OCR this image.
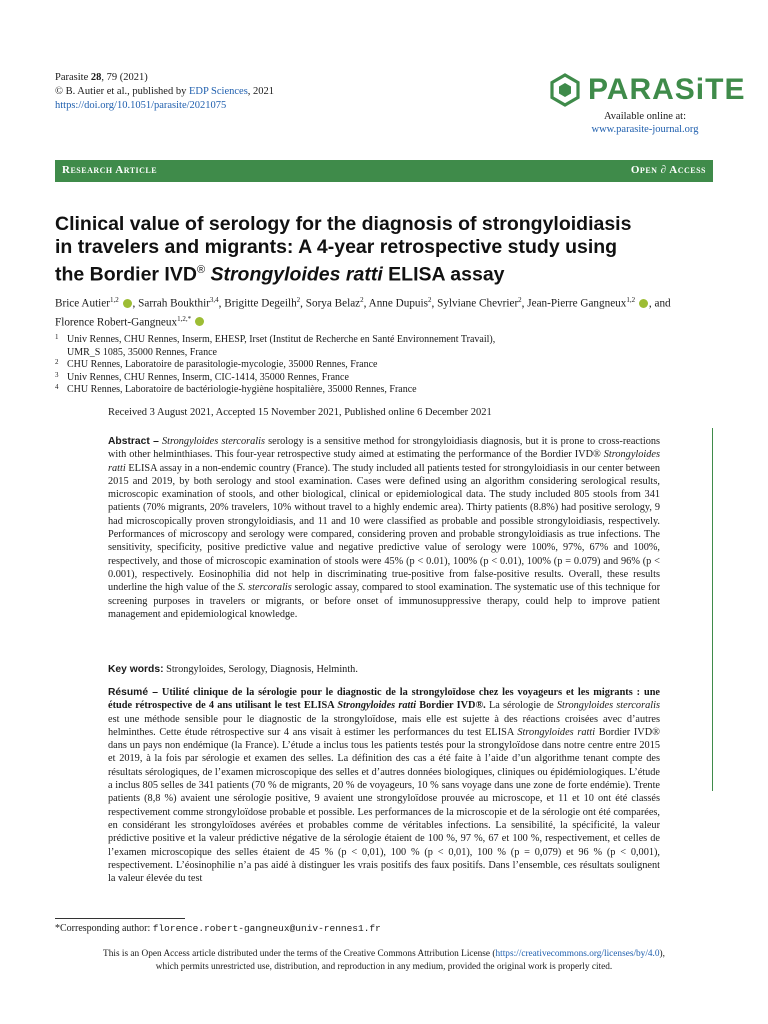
Parasite 28, 79 (2021)
© B. Autier et al., published by EDP Sciences, 2021
https://doi.org/10.1051/parasite/2021075	PARASiTE
Available online at:
www.parasite-journal.org
Research Article	Open ∂ Access
Clinical value of serology for the diagnosis of strongyloidiasis
in travelers and migrants: A 4-year retrospective study using
the Bordier IVD® Strongyloides ratti ELISA assay
Brice Autier$^{1,2}$ , Sarrah Boukthir$^{3,4}$, Brigitte Degeilh$^2$, Sorya Belaz$^2$, Anne Dupuis$^2$, Sylviane Chevrier$^2$, Jean-Pierre Gangneux$^{1,2}$ , and Florence Robert-Gangneux$^{1,2,*}$
1 Univ Rennes, CHU Rennes, Inserm, EHESP, Irset (Institut de Recherche en Santé Environnement Travail),
UMR_S 1085, 35000 Rennes, France
2 CHU Rennes, Laboratoire de parasitologie-mycologie, 35000 Rennes, France
3 Univ Rennes, CHU Rennes, Inserm, CIC-1414, 35000 Rennes, France
4 CHU Rennes, Laboratoire de bactériologie-hygiène hospitalière, 35000 Rennes, France
Received 3 August 2021, Accepted 15 November 2021, Published online 6 December 2021
Abstract – Strongyloides stercoralis serology is a sensitive method for strongyloidiasis diagnosis, but it is prone to cross-reactions with other helminthiases. This four-year retrospective study aimed at estimating the performance of the Bordier IVD® Strongyloides ratti ELISA assay in a non-endemic country (France). The study included all patients tested for strongyloidiasis in our center between 2015 and 2019, by both serology and stool examination. Cases were defined using an algorithm considering serological results, microscopic examination of stools, and other biological, clinical or epidemiological data. The study included 805 stools from 341 patients (70% migrants, 20% travelers, 10% without travel to a highly endemic area). Thirty patients (8.8%) had positive serology, 9 had microscopically proven strongyloidiasis, and 11 and 10 were classified as probable and possible strongyloidiasis, respectively. Performances of microscopy and serology were compared, considering proven and probable strongyloidiasis as true infections. The sensitivity, specificity, positive predictive value and negative predictive value of serology were 100%, 97%, 67% and 100%, respectively, and those of microscopic examination of stools were 45% (p < 0.01), 100% (p < 0.01), 100% (p = 0.079) and 96% (p < 0.001), respectively. Eosinophilia did not help in discriminating true-positive from false-positive results. Overall, these results underline the high value of the S. stercoralis serologic assay, compared to stool examination. The systematic use of this technique for screening purposes in travelers or migrants, or before onset of immunosuppressive therapy, could help to improve patient management and epidemiological knowledge.
Key words: Strongyloides, Serology, Diagnosis, Helminth.
Résumé – Utilité clinique de la sérologie pour le diagnostic de la strongyloïdose chez les voyageurs et les migrants : une étude rétrospective de 4 ans utilisant le test ELISA Strongyloides ratti Bordier IVD®. La sérologie de Strongyloides stercoralis est une méthode sensible pour le diagnostic de la strongyloïdose, mais elle est sujette à des réactions croisées avec d’autres helminthes. Cette étude rétrospective sur 4 ans visait à estimer les performances du test ELISA Strongyloides ratti Bordier IVD® dans un pays non endémique (la France). L’étude a inclus tous les patients testés pour la strongyloïdose dans notre centre entre 2015 et 2019, à la fois par sérologie et examen des selles. La définition des cas a été faite à l’aide d’un algorithme tenant compte des résultats sérologiques, de l’examen microscopique des selles et d’autres données biologiques, cliniques ou épidémiologiques. L’étude a inclus 805 selles de 341 patients (70 % de migrants, 20 % de voyageurs, 10 % sans voyage dans une zone de forte endémie). Trente patients (8,8 %) avaient une sérologie positive, 9 avaient une strongyloïdose prouvée au microscope, et 11 et 10 ont été classés respectivement comme strongyloïdose probable et possible. Les performances de la microscopie et de la sérologie ont été comparées, en considérant les strongyloïdoses avérées et probables comme de véritables infections. La sensibilité, la spécificité, la valeur prédictive positive et la valeur prédictive négative de la sérologie étaient de 100 %, 97 %, 67 et 100 %, respectivement, et celles de l’examen microscopique des selles étaient de 45 % (p < 0,01), 100 % (p < 0,01), 100 % (p = 0,079) et 96 % (p < 0,001), respectivement. L’éosinophilie n’a pas aidé à distinguer les vrais positifs des faux positifs. Dans l’ensemble, ces résultats soulignent la valeur élevée du test
*Corresponding author: florence.robert-gangneux@univ-rennes1.fr
This is an Open Access article distributed under the terms of the Creative Commons Attribution License (https://creativecommons.org/licenses/by/4.0),
which permits unrestricted use, distribution, and reproduction in any medium, provided the original work is properly cited.
